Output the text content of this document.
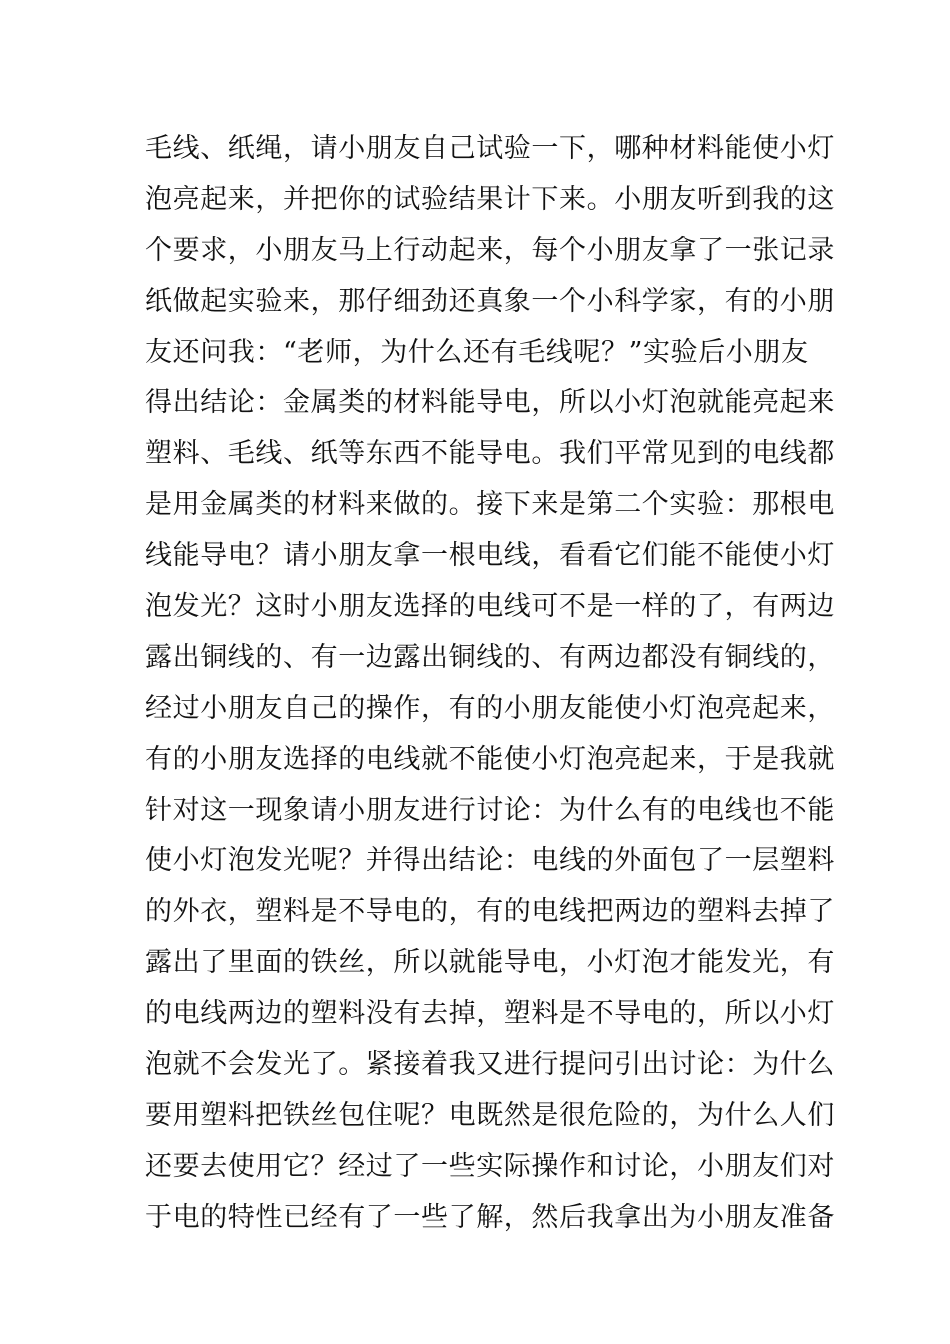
毛线、纸绳，请小朋友自己试验一下，哪种材料能使小灯
泡亮起来，并把你的试验结果计下来。小朋友听到我的这
个要求，小朋友马上行动起来，每个小朋友拿了一张记录
纸做起实验来，那仔细劲还真象一个小科学家，有的小朋
友还问我：“老师，为什么还有毛线呢？”实验后小朋友
得出结论：金属类的材料能导电，所以小灯泡就能亮起来
塑料、毛线、纸等东西不能导电。我们平常见到的电线都
是用金属类的材料来做的。接下来是第二个实验：那根电
线能导电？请小朋友拿一根电线，看看它们能不能使小灯
泡发光？这时小朋友选择的电线可不是一样的了，有两边
露出铜线的、有一边露出铜线的、有两边都没有铜线的，
经过小朋友自己的操作，有的小朋友能使小灯泡亮起来，
有的小朋友选择的电线就不能使小灯泡亮起来，于是我就
针对这一现象请小朋友进行讨论：为什么有的电线也不能
使小灯泡发光呢？并得出结论：电线的外面包了一层塑料
的外衣，塑料是不导电的，有的电线把两边的塑料去掉了
露出了里面的铁丝，所以就能导电，小灯泡才能发光，有
的电线两边的塑料没有去掉，塑料是不导电的，所以小灯
泡就不会发光了。紧接着我又进行提问引出讨论：为什么
要用塑料把铁丝包住呢？电既然是很危险的，为什么人们
还要去使用它？经过了一些实际操作和讨论，小朋友们对
于电的特性已经有了一些了解，然后我拿出为小朋友准备
